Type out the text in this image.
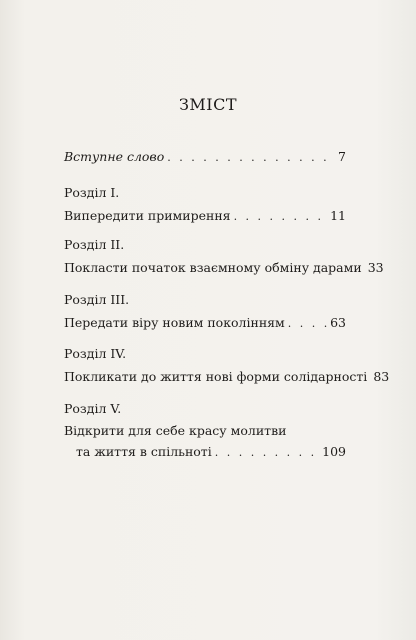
ЗМІСТ
Вступне слово . . .	7
Розділ I.
Випередити примирення . . .	11
Розділ II.
Покласти початок взаємному обміну дарами 33
Розділ III.
Передати віру новим поколінням . . .	63
Розділ IV.
Покликати до життя нові форми солідарності 83
Розділ V.
Відкрити для себе красу молитви
та життя в спільноті . . .	109
